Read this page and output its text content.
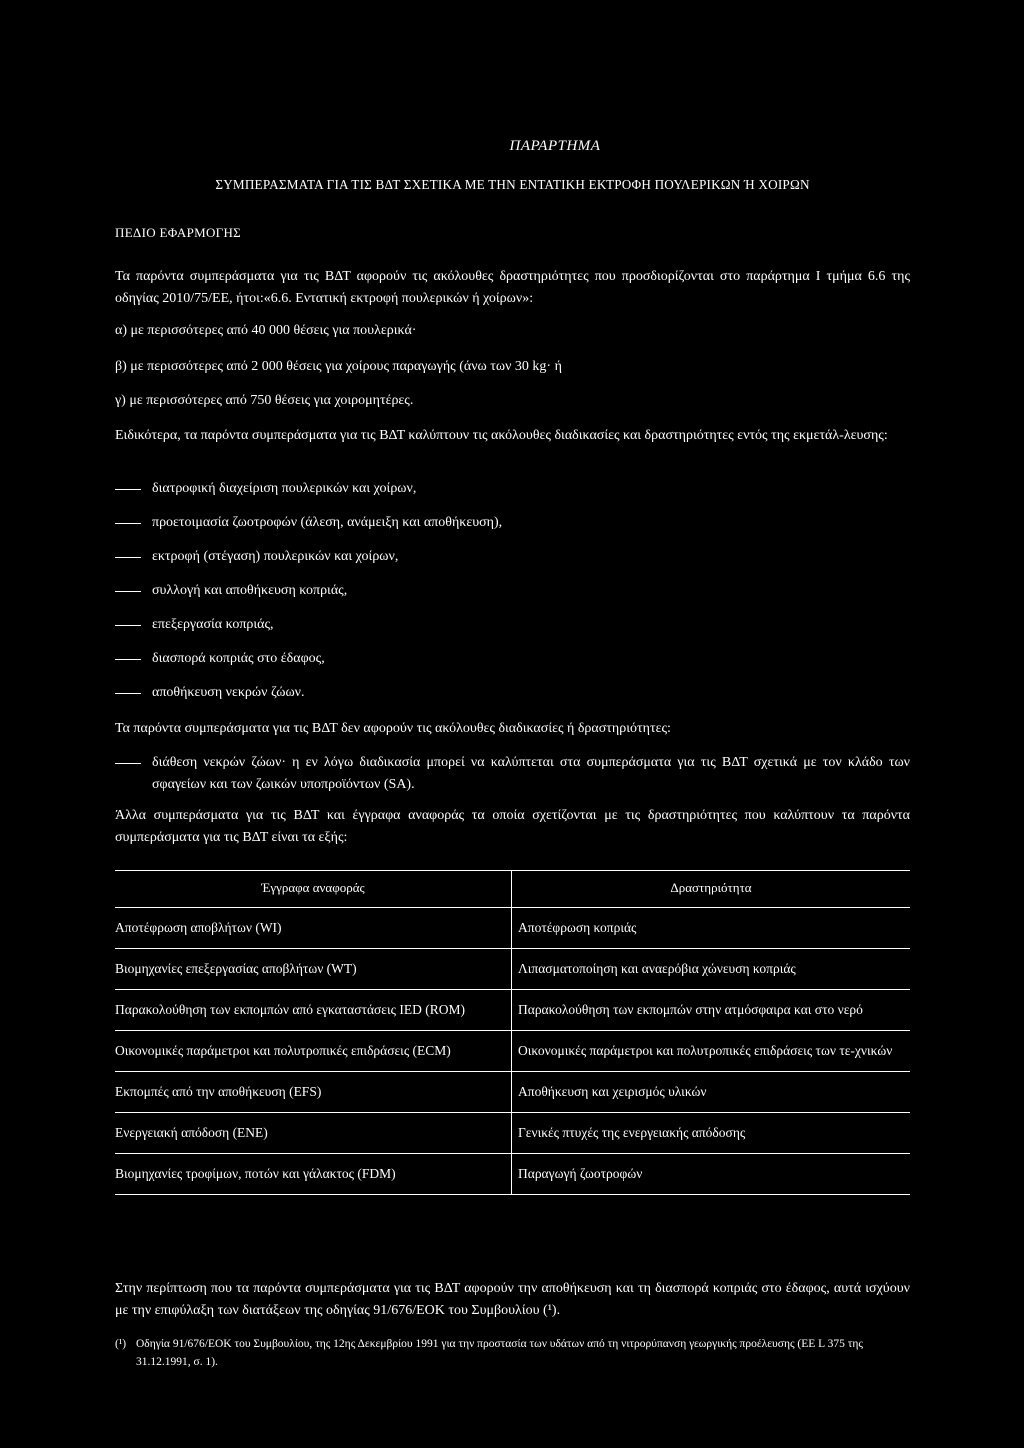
ΠΑΡΑΡΤΗΜΑ
ΣΥΜΠΕΡΑΣΜΑΤΑ ΓΙΑ ΤΙΣ ΒΔΤ ΣΧΕΤΙΚΑ ΜΕ ΤΗΝ ΕΝΤΑΤΙΚΗ ΕΚΤΡΟΦΗ ΠΟΥΛΕΡΙΚΩΝ Ή ΧΟΙΡΩΝ
ΠΕΔΙΟ ΕΦΑΡΜΟΓΗΣ
Τα παρόντα συμπεράσματα για τις ΒΔΤ αφορούν τις ακόλουθες δραστηριότητες που προσδιορίζονται στο παράρτημα I τμήμα 6.6 της οδηγίας 2010/75/ΕΕ, ήτοι:«6.6. Εντατική εκτροφή πουλερικών ή χοίρων»:
α) με περισσότερες από 40 000 θέσεις για πουλερικά·
β) με περισσότερες από 2 000 θέσεις για χοίρους παραγωγής (άνω των 30 kg· ή
γ) με περισσότερες από 750 θέσεις για χοιρομητέρες.
Ειδικότερα, τα παρόντα συμπεράσματα για τις ΒΔΤ καλύπτουν τις ακόλουθες διαδικασίες και δραστηριότητες εντός της εκμετάλ-λευσης:
διατροφική διαχείριση πουλερικών και χοίρων,
προετοιμασία ζωοτροφών (άλεση, ανάμειξη και αποθήκευση),
εκτροφή (στέγαση) πουλερικών και χοίρων,
συλλογή και αποθήκευση κοπριάς,
επεξεργασία κοπριάς,
διασπορά κοπριάς στο έδαφος,
αποθήκευση νεκρών ζώων.
Τα παρόντα συμπεράσματα για τις ΒΔΤ δεν αφορούν τις ακόλουθες διαδικασίες ή δραστηριότητες:
διάθεση νεκρών ζώων· η εν λόγω διαδικασία μπορεί να καλύπτεται στα συμπεράσματα για τις ΒΔΤ σχετικά με τον κλάδο των σφαγείων και των ζωικών υποπροϊόντων (SA).
Άλλα συμπεράσματα για τις ΒΔΤ και έγγραφα αναφοράς τα οποία σχετίζονται με τις δραστηριότητες που καλύπτουν τα παρόντα συμπεράσματα για τις ΒΔΤ είναι τα εξής:
Έγγραφα αναφοράς	Δραστηριότητα
Αποτέφρωση αποβλήτων (WI)	Αποτέφρωση κοπριάς
Βιομηχανίες επεξεργασίας αποβλήτων (WT)	Λιπασματοποίηση και αναερόβια χώνευση κοπριάς
Παρακολούθηση των εκπομπών από εγκαταστάσεις IED (ROM)	Παρακολούθηση των εκπομπών στην ατμόσφαιρα και στο νερό
Οικονομικές παράμετροι και πολυτροπικές επιδράσεις (ECM)	Οικονομικές παράμετροι και πολυτροπικές επιδράσεις των τε-χνικών
Εκπομπές από την αποθήκευση (EFS)	Αποθήκευση και χειρισμός υλικών
Ενεργειακή απόδοση (ENE)	Γενικές πτυχές της ενεργειακής απόδοσης
Βιομηχανίες τροφίμων, ποτών και γάλακτος (FDM)	Παραγωγή ζωοτροφών
Στην περίπτωση που τα παρόντα συμπεράσματα για τις ΒΔΤ αφορούν την αποθήκευση και τη διασπορά κοπριάς στο έδαφος, αυτά ισχύουν με την επιφύλαξη των διατάξεων της οδηγίας 91/676/ΕΟΚ του Συμβουλίου (¹).
(¹) Οδηγία 91/676/ΕΟΚ του Συμβουλίου, της 12ης Δεκεμβρίου 1991 για την προστασία των υδάτων από τη νιτρορύπανση γεωργικής προέλευσης (ΕΕ L 375 της 31.12.1991, σ. 1).
